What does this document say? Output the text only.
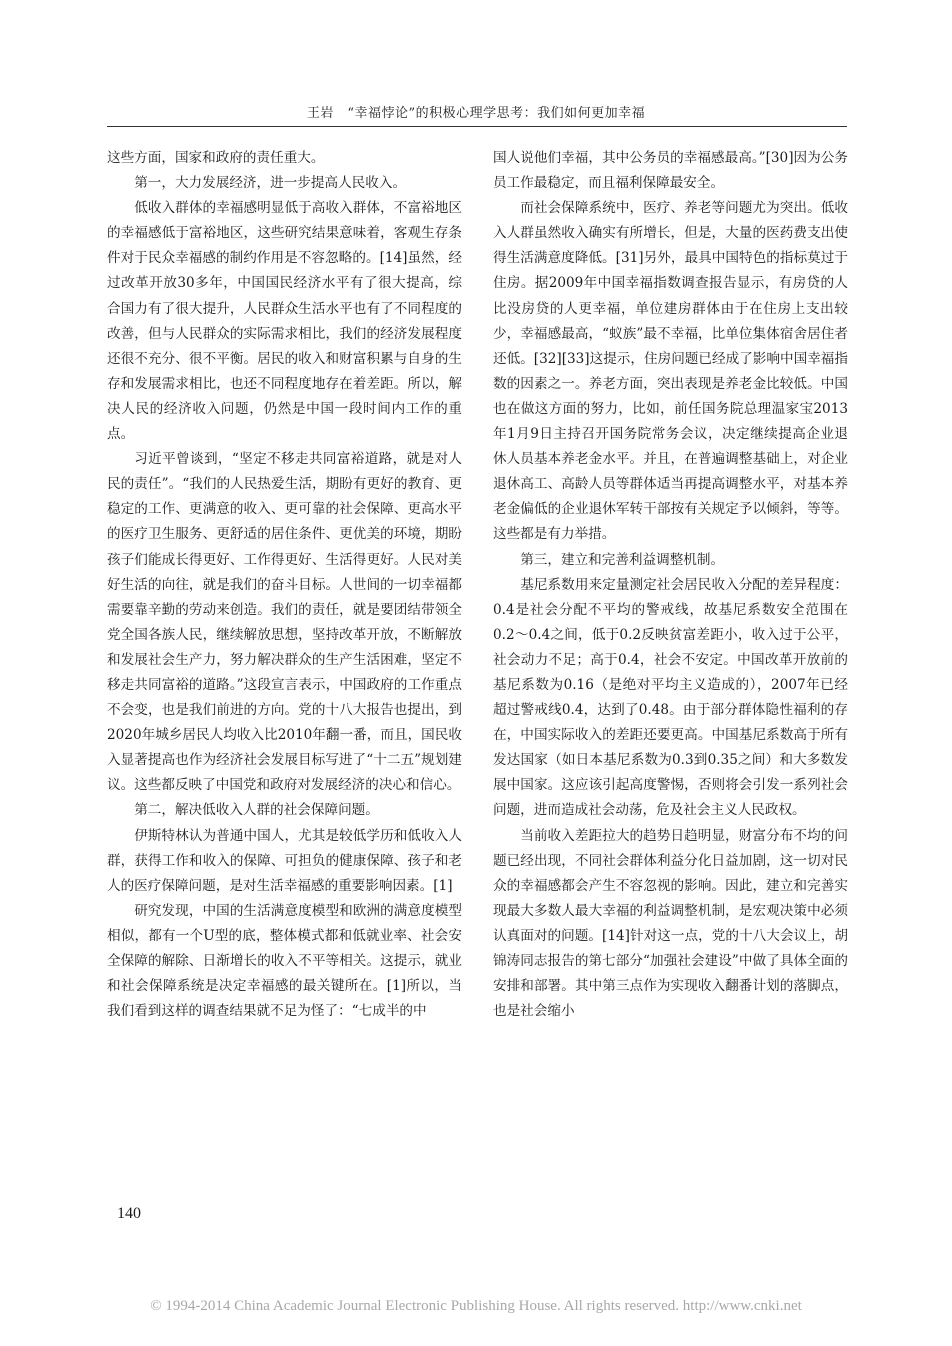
王岩　“幸福悖论”的积极心理学思考：我们如何更加幸福

这些方面，国家和政府的责任重大。

第一，大力发展经济，进一步提高人民收入。

低收入群体的幸福感明显低于高收入群体，不富裕地区的幸福感低于富裕地区，这些研究结果意味着，客观生存条件对于民众幸福感的制约作用是不容忽略的。[14]虽然，经过改革开放30多年，中国国民经济水平有了很大提高，综合国力有了很大提升，人民群众生活水平也有了不同程度的改善，但与人民群众的实际需求相比，我们的经济发展程度还很不充分、很不平衡。居民的收入和财富积累与自身的生存和发展需求相比，也还不同程度地存在着差距。所以，解决人民的经济收入问题，仍然是中国一段时间内工作的重点。

习近平曾谈到，“坚定不移走共同富裕道路，就是对人民的责任”。“我们的人民热爱生活，期盼有更好的教育、更稳定的工作、更满意的收入、更可靠的社会保障、更高水平的医疗卫生服务、更舒适的居住条件、更优美的环境，期盼孩子们能成长得更好、工作得更好、生活得更好。人民对美好生活的向往，就是我们的奋斗目标。人世间的一切幸福都需要靠辛勤的劳动来创造。我们的责任，就是要团结带领全党全国各族人民，继续解放思想，坚持改革开放，不断解放和发展社会生产力，努力解决群众的生产生活困难，坚定不移走共同富裕的道路。”这段宣言表示，中国政府的工作重点不会变，也是我们前进的方向。党的十八大报告也提出，到2020年城乡居民人均收入比2010年翻一番，而且，国民收入显著提高也作为经济社会发展目标写进了“十二五”规划建议。这些都反映了中国党和政府对发展经济的决心和信心。

第二，解决低收入人群的社会保障问题。

伊斯特林认为普通中国人，尤其是较低学历和低收入人群，获得工作和收入的保障、可担负的健康保障、孩子和老人的医疗保障问题，是对生活幸福感的重要影响因素。[1]

研究发现，中国的生活满意度模型和欧洲的满意度模型相似，都有一个U型的底，整体模式都和低就业率、社会安全保障的解除、日渐增长的收入不平等相关。这提示，就业和社会保障系统是决定幸福感的最关键所在。[1]所以，当我们看到这样的调查结果就不足为怪了：“七成半的中

国人说他们幸福，其中公务员的幸福感最高。”[30]因为公务员工作最稳定，而且福利保障最安全。

而社会保障系统中，医疗、养老等问题尤为突出。低收入人群虽然收入确实有所增长，但是，大量的医药费支出使得生活满意度降低。[31]另外，最具中国特色的指标莫过于住房。据2009年中国幸福指数调查报告显示，有房贷的人比没房贷的人更幸福，单位建房群体由于在住房上支出较少，幸福感最高，“蚁族”最不幸福，比单位集体宿舍居住者还低。[32][33]这提示，住房问题已经成了影响中国幸福指数的因素之一。养老方面，突出表现是养老金比较低。中国也在做这方面的努力，比如，前任国务院总理温家宝2013年1月9日主持召开国务院常务会议，决定继续提高企业退休人员基本养老金水平。并且，在普遍调整基础上，对企业退休高工、高龄人员等群体适当再提高调整水平，对基本养老金偏低的企业退休军转干部按有关规定予以倾斜，等等。这些都是有力举措。

第三，建立和完善利益调整机制。

基尼系数用来定量测定社会居民收入分配的差异程度：0.4是社会分配不平均的警戒线，故基尼系数安全范围在0.2～0.4之间，低于0.2反映贫富差距小，收入过于公平，社会动力不足；高于0.4，社会不安定。中国改革开放前的基尼系数为0.16（是绝对平均主义造成的），2007年已经超过警戒线0.4，达到了0.48。由于部分群体隐性福利的存在，中国实际收入的差距还要更高。中国基尼系数高于所有发达国家（如日本基尼系数为0.3到0.35之间）和大多数发展中国家。这应该引起高度警惕，否则将会引发一系列社会问题，进而造成社会动荡，危及社会主义人民政权。

当前收入差距拉大的趋势日趋明显，财富分布不均的问题已经出现，不同社会群体利益分化日益加剧，这一切对民众的幸福感都会产生不容忽视的影响。因此，建立和完善实现最大多数人最大幸福的利益调整机制，是宏观决策中必须认真面对的问题。[14]针对这一点，党的十八大会议上，胡锦涛同志报告的第七部分“加强社会建设”中做了具体全面的安排和部署。其中第三点作为实现收入翻番计划的落脚点，也是社会缩小

140
© 1994-2014 China Academic Journal Electronic Publishing House. All rights reserved. http://www.cnki.net
